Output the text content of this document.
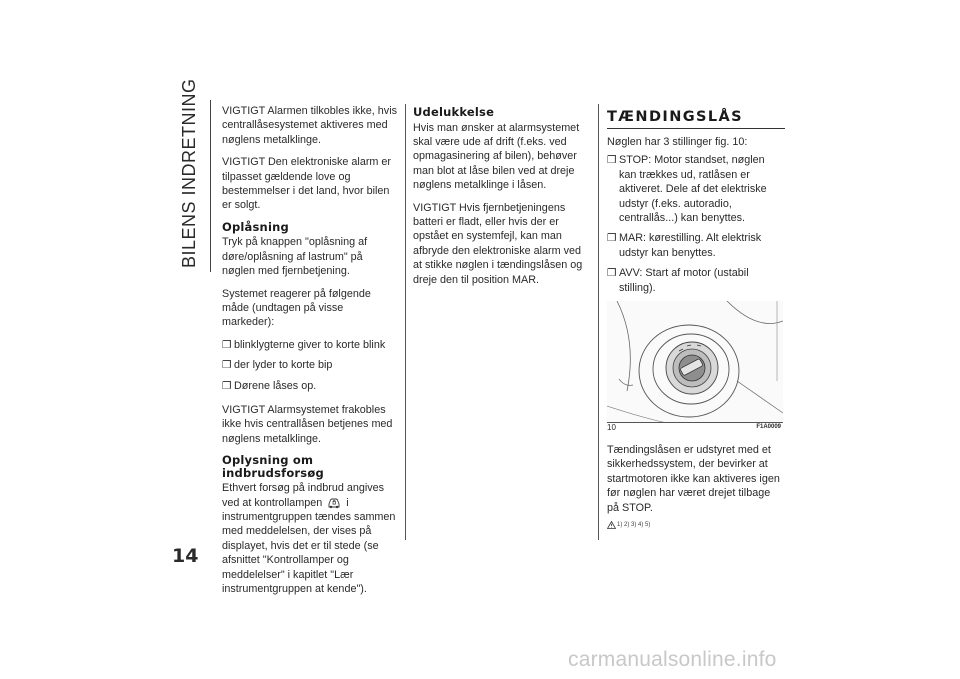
BILENS INDRETNING
14

VIGTIGT Alarmen tilkobles ikke, hvis centrallåsesystemet aktiveres med nøglens metalklinge.

VIGTIGT Den elektroniske alarm er tilpasset gældende love og bestemmelser i det land, hvor bilen er solgt.

Oplåsning

Tryk på knappen "oplåsning af døre/oplåsning af lastrum" på nøglen med fjernbetjening.

Systemet reagerer på følgende måde (undtagen på visse markeder):

❒ blinklygterne giver to korte blink
❒ der lyder to korte bip
❒ Dørene låses op.

VIGTIGT Alarmsystemet frakobles ikke hvis centrallåsen betjenes med nøglens metalklinge.

Oplysning om indbrudsforsøg

Ethvert forsøg på indbrud angives ved at kontrollampen i instrumentgruppen tændes sammen med meddelelsen, der vises på displayet, hvis det er til stede (se afsnittet "Kontrollamper og meddelelser" i kapitlet "Lær instrumentgruppen at kende").

Udelukkelse

Hvis man ønsker at alarmsystemet skal være ude af drift (f.eks. ved opmagasinering af bilen), behøver man blot at låse bilen ved at dreje nøglens metalklinge i låsen.

VIGTIGT Hvis fjernbetjeningens batteri er fladt, eller hvis der er opstået en systemfejl, kan man afbryde den elektroniske alarm ved at stikke nøglen i tændingslåsen og dreje den til position MAR.

TÆNDINGSLÅS

Nøglen har 3 stillinger fig. 10:

❒ STOP: Motor standset, nøglen kan trækkes ud, ratlåsen er aktiveret. Dele af det elektriske udstyr (f.eks. autoradio, centrallås...) kan benyttes.
❒ MAR: kørestilling. Alt elektrisk udstyr kan benyttes.
❒ AVV: Start af motor (ustabil stilling).
10	F1A0009

Tændingslåsen er udstyret med et sikkerhedssystem, der bevirker at startmotoren ikke kan aktiveres igen før nøglen har været drejet tilbage på STOP.

1) 2) 3) 4) 5)
carmanualsonline.info
